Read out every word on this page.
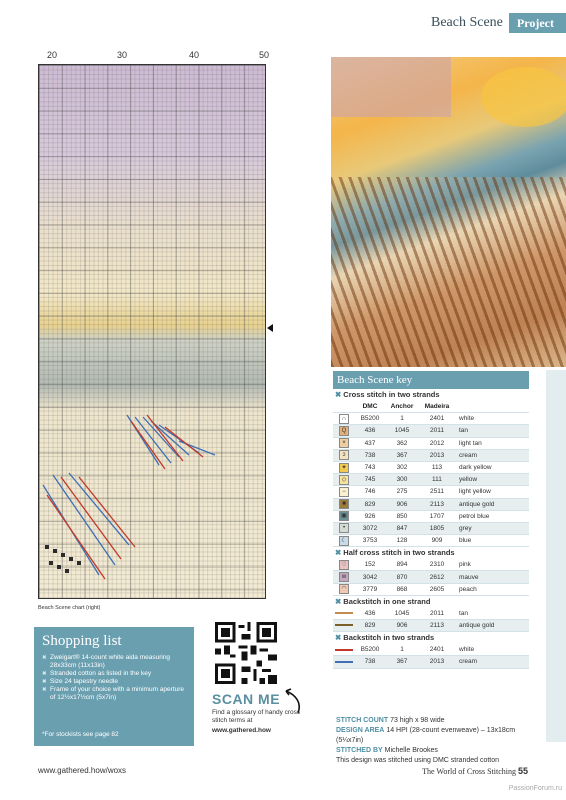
Beach Scene	Project
20	30	40	50
Beach Scene chart (right)
Beach Scene key
✖ Cross stitch in two strands
	DMC	Anchor	Madeira	
∩	B5200	1	2401	white
Q	436	1045	2011	tan
×	437	362	2012	light tan
ɔ	738	367	2013	cream
✦	743	302	113	dark yellow
◇	745	300	111	yellow
−	746	275	2511	light yellow
■	829	906	2113	antique gold
▣	926	850	1707	petrol blue
•	3072	847	1805	grey
☾	3753	128	909	blue
✖ Half cross stitch in two strands
♡	152	894	2310	pink
w	3042	870	2612	mauve
◠	3779	868	2605	peach
✖ Backstitch in one strand
	436	1045	2011	tan
	829	906	2113	antique gold
✖ Backstitch in two strands
	B5200	1	2401	white
	738	367	2013	cream
STITCH COUNT 73 high x 98 wide
DESIGN AREA 14 HPI (28-count evenweave) – 13x18cm (5¼x7in)
STITCHED BY Michelle Brookes
This design was stitched using DMC stranded cotton
Shopping list
✖ Zweigart® 14-count white aida measuring 28x33cm (11x13in)
✖ Stranded cotton as listed in the key
✖ Size 24 tapestry needle
✖ Frame of your choice with a minimum aperture of 12½x17½cm (5x7in)
*For stockists see page 82
SCAN ME
Find a glossary of handy cross stitch terms at
www.gathered.how
www.gathered.how/woxs	The World of Cross Stitching 55
PassionForum.ru
